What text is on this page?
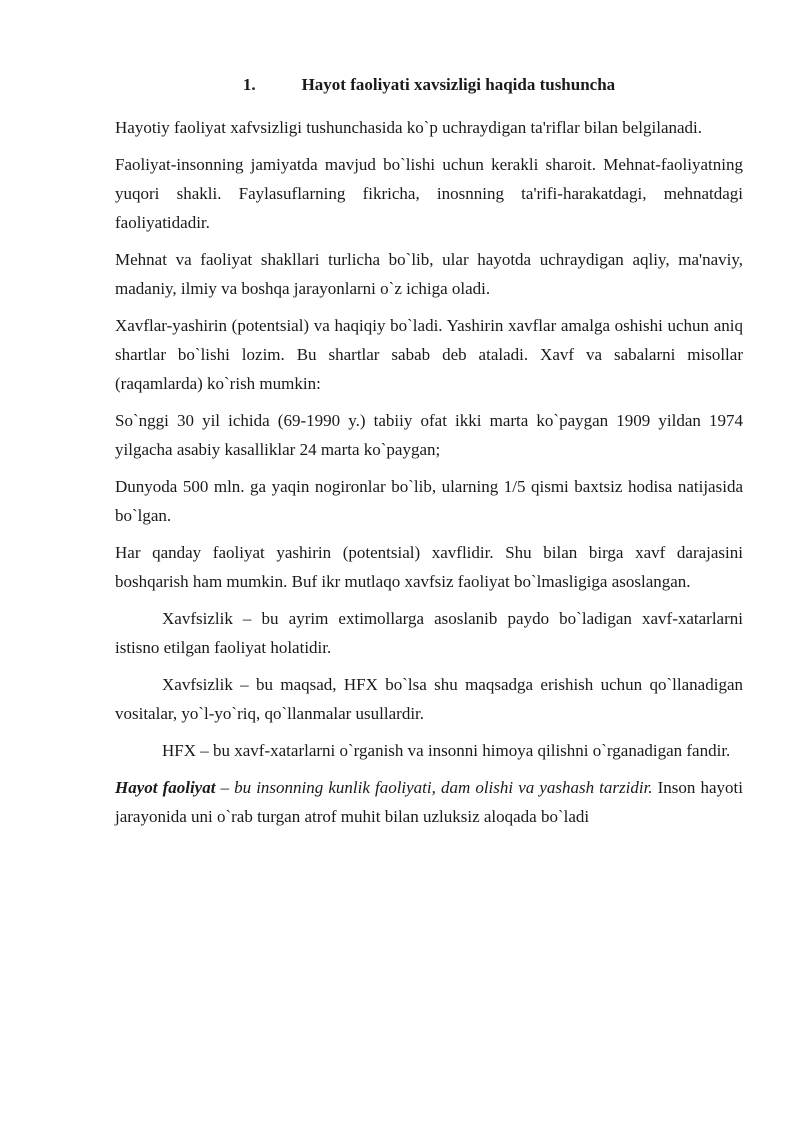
1.	Hayot faoliyati xavsizligi haqida tushuncha

Hayotiy faoliyat xafvsizligi tushunchasida ko`p uchraydigan ta'riflar bilan belgilanadi.

Faoliyat-insonning jamiyatda mavjud bo`lishi uchun kerakli sharoit. Mehnat-faoliyatning yuqori shakli. Faylasuflarning fikricha, inosnning ta'rifi-harakatdagi, mehnatdagi faoliyatidadir.

Mehnat va faoliyat shakllari turlicha bo`lib, ular hayotda uchraydigan aqliy, ma'naviy, madaniy, ilmiy va boshqa jarayonlarni o`z ichiga oladi.

Xavflar-yashirin (potentsial) va haqiqiy bo`ladi. Yashirin xavflar amalga oshishi uchun aniq shartlar bo`lishi lozim. Bu shartlar sabab deb ataladi. Xavf va sabalarni misollar (raqamlarda) ko`rish mumkin:

So`nggi 30 yil ichida (69-1990 y.) tabiiy ofat ikki marta ko`paygan 1909 yildan 1974 yilgacha asabiy kasalliklar 24 marta ko`paygan;

Dunyoda 500 mln. ga yaqin nogironlar bo`lib, ularning 1/5 qismi baxtsiz hodisa natijasida bo`lgan.

Har qanday faoliyat yashirin (potentsial) xavflidir. Shu bilan birga xavf darajasini boshqarish ham mumkin. Buf ikr mutlaqo xavfsiz faoliyat bo`lmasligiga asoslangan.

Xavfsizlik – bu ayrim extimollarga asoslanib paydo bo`ladigan xavf-xatarlarni istisno etilgan faoliyat holatidir.

Xavfsizlik – bu maqsad, HFX bo`lsa shu maqsadga erishish uchun qo`llanadigan vositalar, yo`l-yo`riq, qo`llanmalar usullardir.

HFX – bu xavf-xatarlarni o`rganish va insonni himoya qilishni o`rganadigan fandir.

Hayot faoliyat – bu insonning kunlik faoliyati, dam olishi va yashash tarzidir. Inson hayoti jarayonida uni o`rab turgan atrof muhit bilan uzluksiz aloqada bo`ladi
